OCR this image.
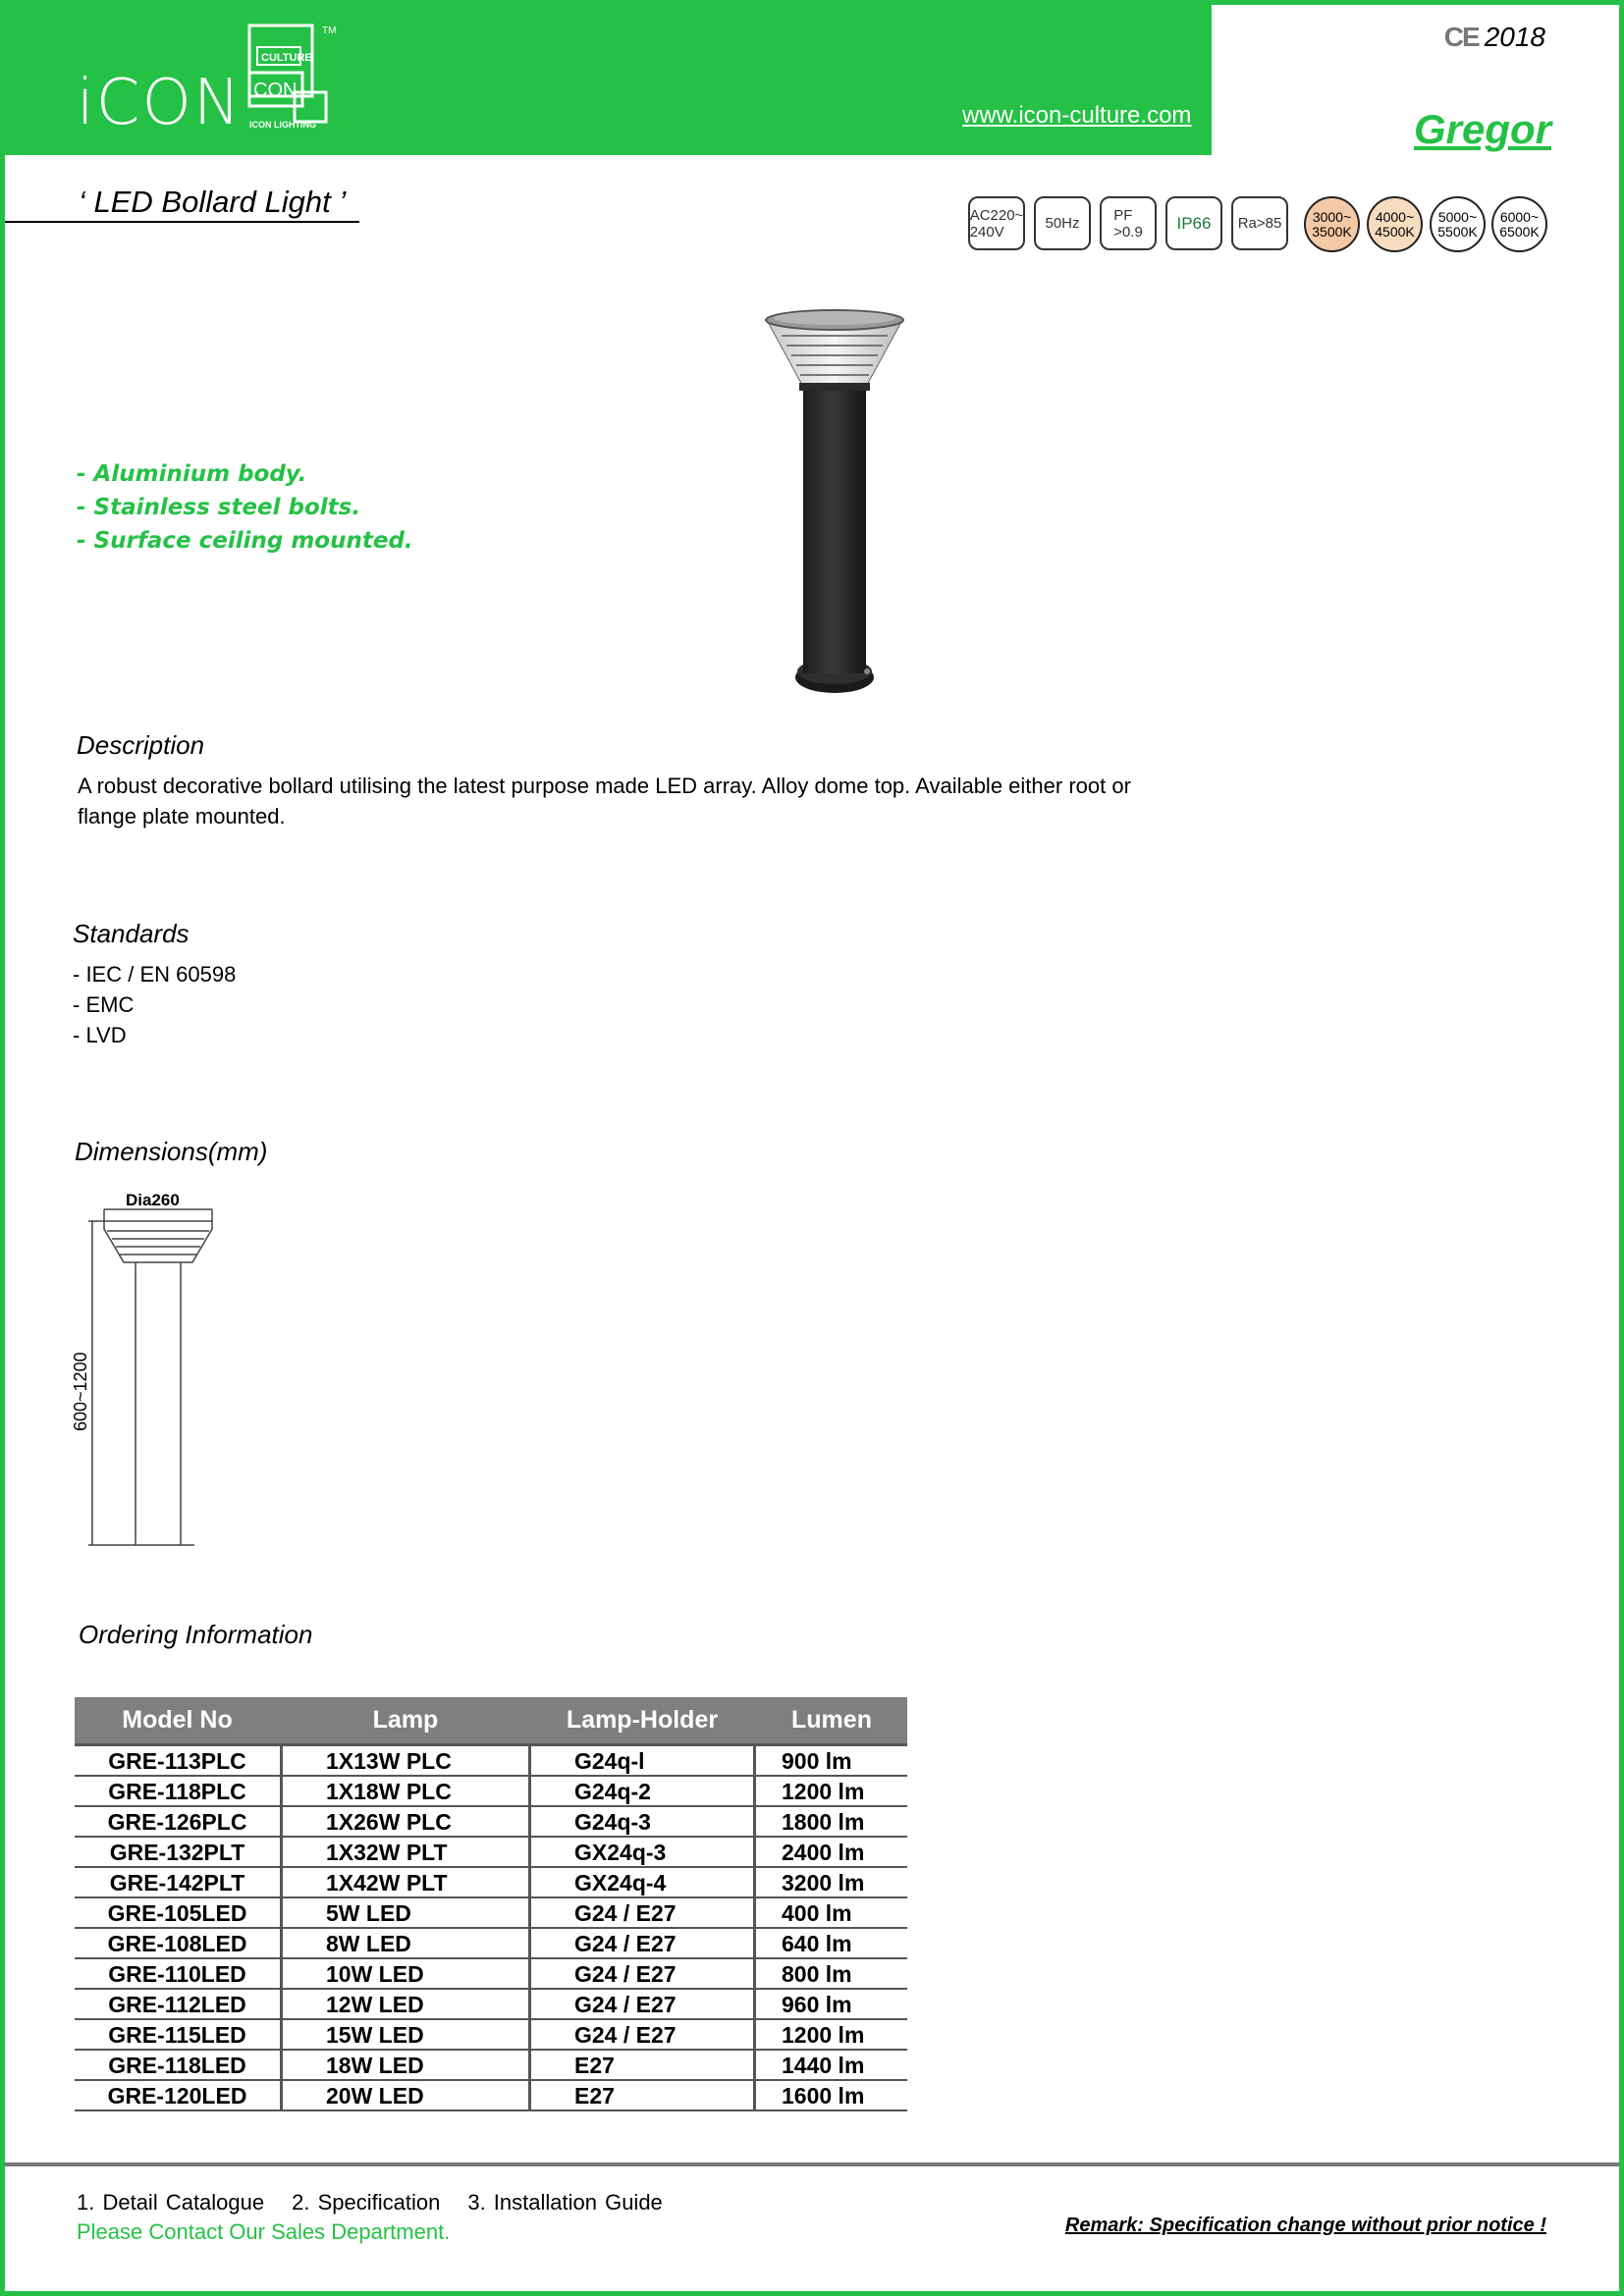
iCON
CULTURE
CON
ICON LIGHTING
TM
www.icon-culture.com
CE 2018
Gregor
‘ LED Bollard Light ’	AC220~
240V	50Hz PF
>0.9 IP66 Ra>85 3000~
3500K
4000~
4500K
5000~
5500K
6000~
6500K
- Aluminium body.
- Stainless steel bolts.
- Surface ceiling mounted.
Description
A robust decorative bollard utilising the latest purpose made LED array. Alloy dome top. Available either root or
flange plate mounted.
Standards
- IEC / EN 60598
- EMC
- LVD
Dimensions(mm)
Dia260
600~1200
Ordering Information
Model No	Lamp	Lamp-Holder	Lumen
GRE-113PLC	1X13W PLC	G24q-l	900 lm
GRE-118PLC	1X18W PLC	G24q-2	1200 lm
GRE-126PLC	1X26W PLC	G24q-3	1800 lm
GRE-132PLT	1X32W PLT	GX24q-3	2400 lm
GRE-142PLT	1X42W PLT	GX24q-4	3200 lm
GRE-105LED	5W LED	G24 / E27	400 lm
GRE-108LED	8W LED	G24 / E27	640 lm
GRE-110LED	10W LED	G24 / E27	800 lm
GRE-112LED	12W LED	G24 / E27	960 lm
GRE-115LED	15W LED	G24 / E27	1200 lm
GRE-118LED	18W LED	E27	1440 lm
GRE-120LED	20W LED	E27	1600 lm
1. Detail Catalogue 2. Specification 3. Installation Guide
Please Contact Our Sales Department.	Remark: Specification change without prior notice !
